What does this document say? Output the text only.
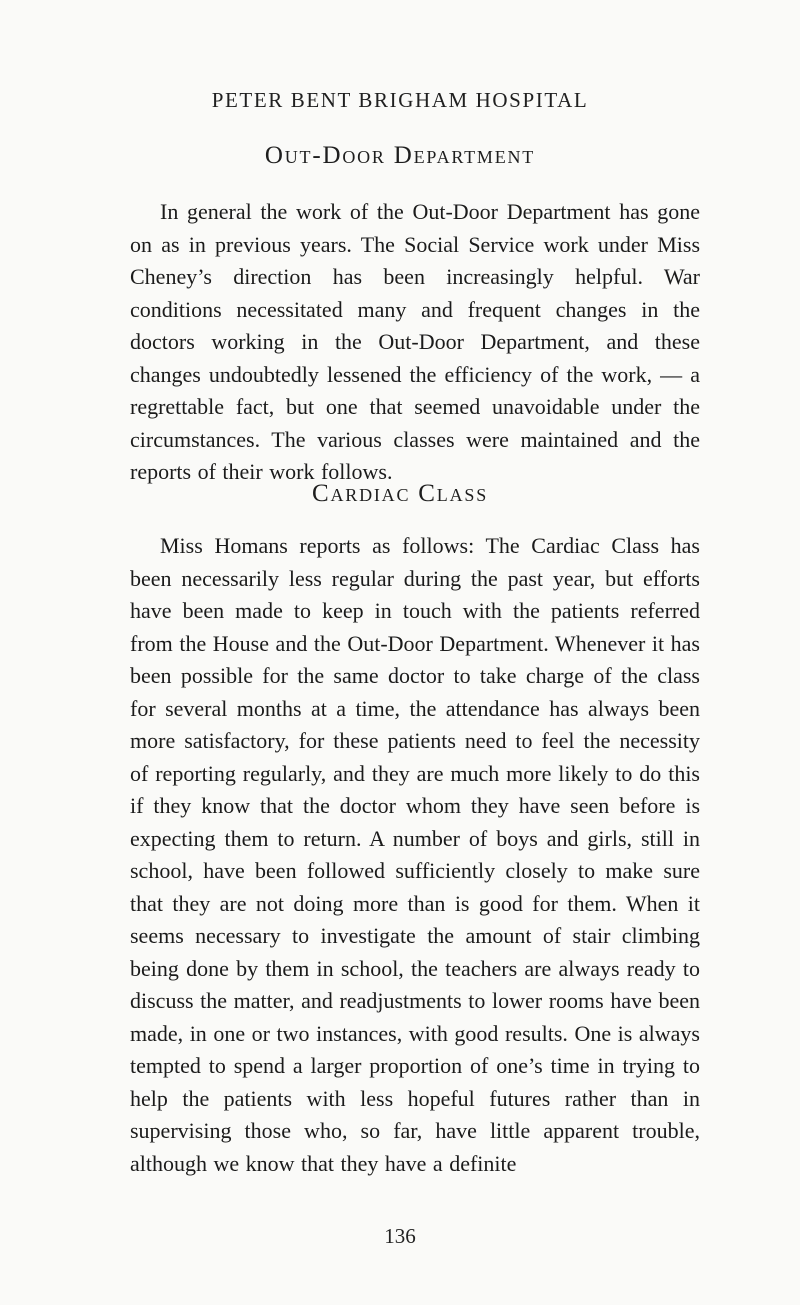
PETER BENT BRIGHAM HOSPITAL
Out-Door Department

In general the work of the Out-Door Department has gone on as in previous years. The Social Service work under Miss Cheney’s direction has been increasingly helpful. War conditions necessitated many and frequent changes in the doctors working in the Out-Door Department, and these changes undoubtedly lessened the efficiency of the work, — a regrettable fact, but one that seemed unavoidable under the circumstances. The various classes were maintained and the reports of their work follows.

Cardiac Class

Miss Homans reports as follows: The Cardiac Class has been necessarily less regular during the past year, but efforts have been made to keep in touch with the patients referred from the House and the Out-Door Department. Whenever it has been possible for the same doctor to take charge of the class for several months at a time, the attendance has always been more satisfactory, for these patients need to feel the necessity of reporting regularly, and they are much more likely to do this if they know that the doctor whom they have seen before is expecting them to return. A number of boys and girls, still in school, have been followed sufficiently closely to make sure that they are not doing more than is good for them. When it seems necessary to investigate the amount of stair climbing being done by them in school, the teachers are always ready to discuss the matter, and readjustments to lower rooms have been made, in one or two instances, with good results. One is always tempted to spend a larger proportion of one’s time in trying to help the patients with less hopeful futures rather than in supervising those who, so far, have little apparent trouble, although we know that they have a definite

136
